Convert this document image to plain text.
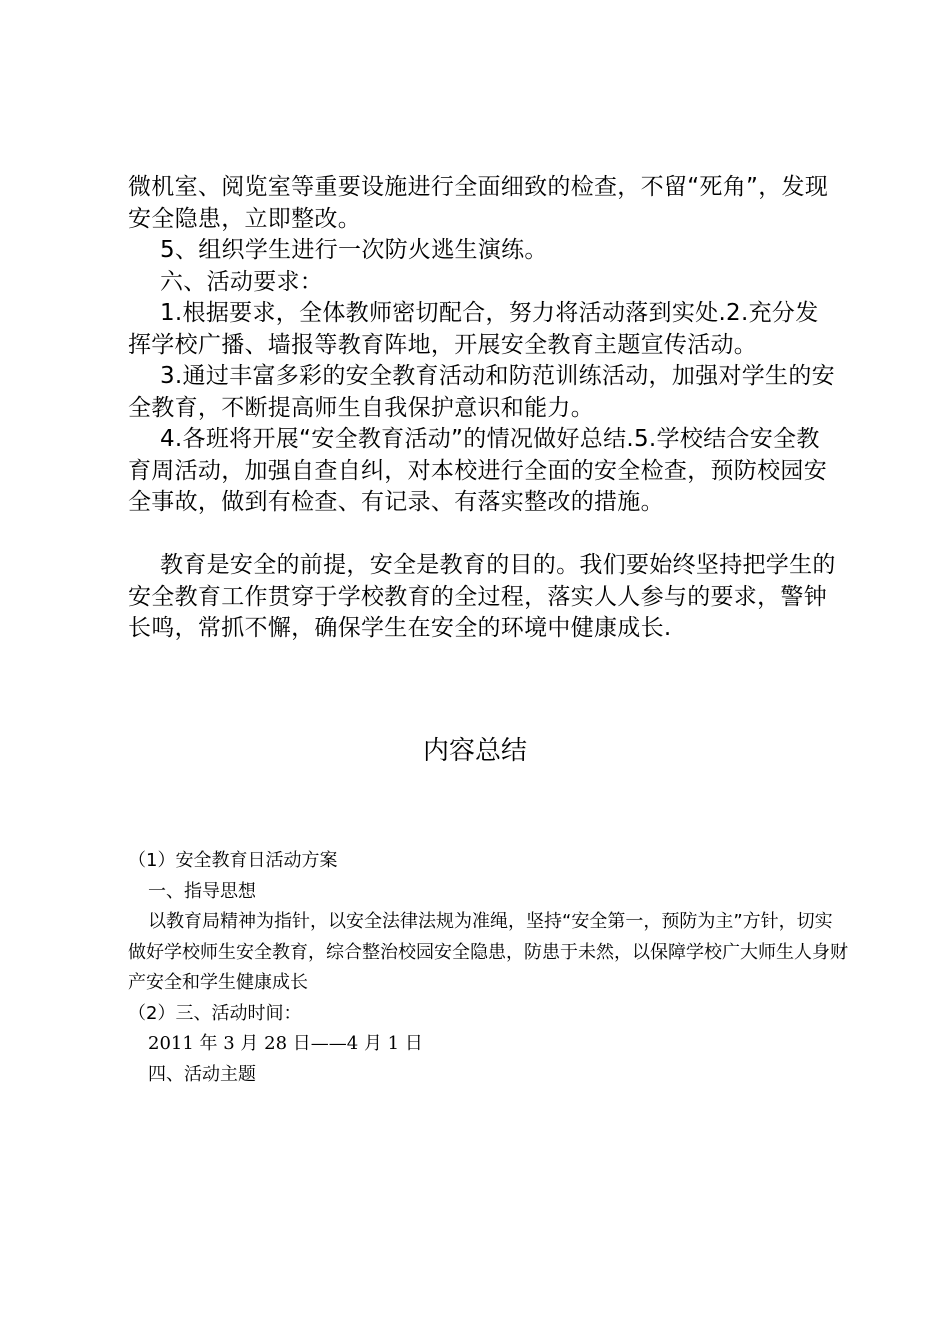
微机室、阅览室等重要设施进行全面细致的检查，不留“死角”，发现安全隐患，立即整改。

5、组织学生进行一次防火逃生演练。

六、活动要求：

1.根据要求，全体教师密切配合，努力将活动落到实处.2.充分发挥学校广播、墙报等教育阵地，开展安全教育主题宣传活动。

3.通过丰富多彩的安全教育活动和防范训练活动，加强对学生的安全教育，不断提高师生自我保护意识和能力。

4.各班将开展“安全教育活动”的情况做好总结.5.学校结合安全教育周活动，加强自查自纠，对本校进行全面的安全检查，预防校园安全事故，做到有检查、有记录、有落实整改的措施。

教育是安全的前提，安全是教育的目的。我们要始终坚持把学生的安全教育工作贯穿于学校教育的全过程，落实人人参与的要求，警钟长鸣，常抓不懈，确保学生在安全的环境中健康成长.

内容总结

（1）安全教育日活动方案

一、指导思想

以教育局精神为指针，以安全法律法规为准绳，坚持“安全第一，预防为主”方针，切实做好学校师生安全教育，综合整治校园安全隐患，防患于未然，以保障学校广大师生人身财产安全和学生健康成长

（2）三、活动时间：

2011 年 3 月 28 日——4 月 1 日

四、活动主题
